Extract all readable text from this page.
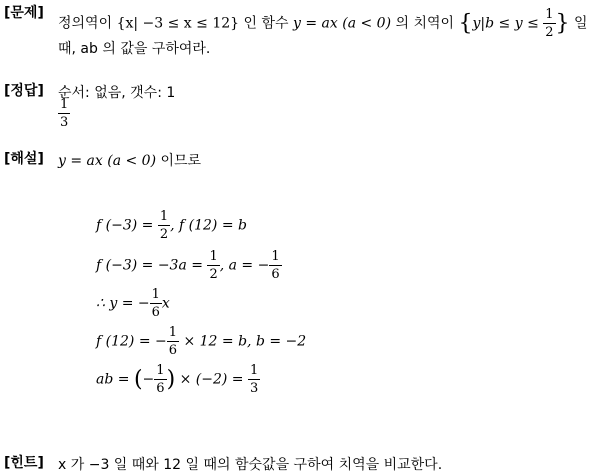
[문제]
정의역이 {x| −3 ≤ x ≤ 12} 인 함수 y = ax (a < 0) 의 치역이 {$y|b \le y \le \frac{1}{2}$ } 일
때, ab 의 값을 구하여라.
[정답] 순서: 없음, 갯수: 1
$\frac{1}{3}$
[해설] y = ax (a < 0) 이므로
f $(-3) = \frac{1}{2}$ , f (12) = b
f $(-3) = -3a = \frac{1}{2}$ , a = − $\frac{1}{6}$
∴ y = − $\frac{1}{6}$ x
f (12) = − $\frac{1}{6} \times 12 = b$, b = −2
ab = (− $\frac{1}{6}$ ) × $(-2) = \frac{1}{3}$
[힌트] x 가 −3 일 때와 12 일 때의 함숫값을 구하여 치역을 비교한다.
